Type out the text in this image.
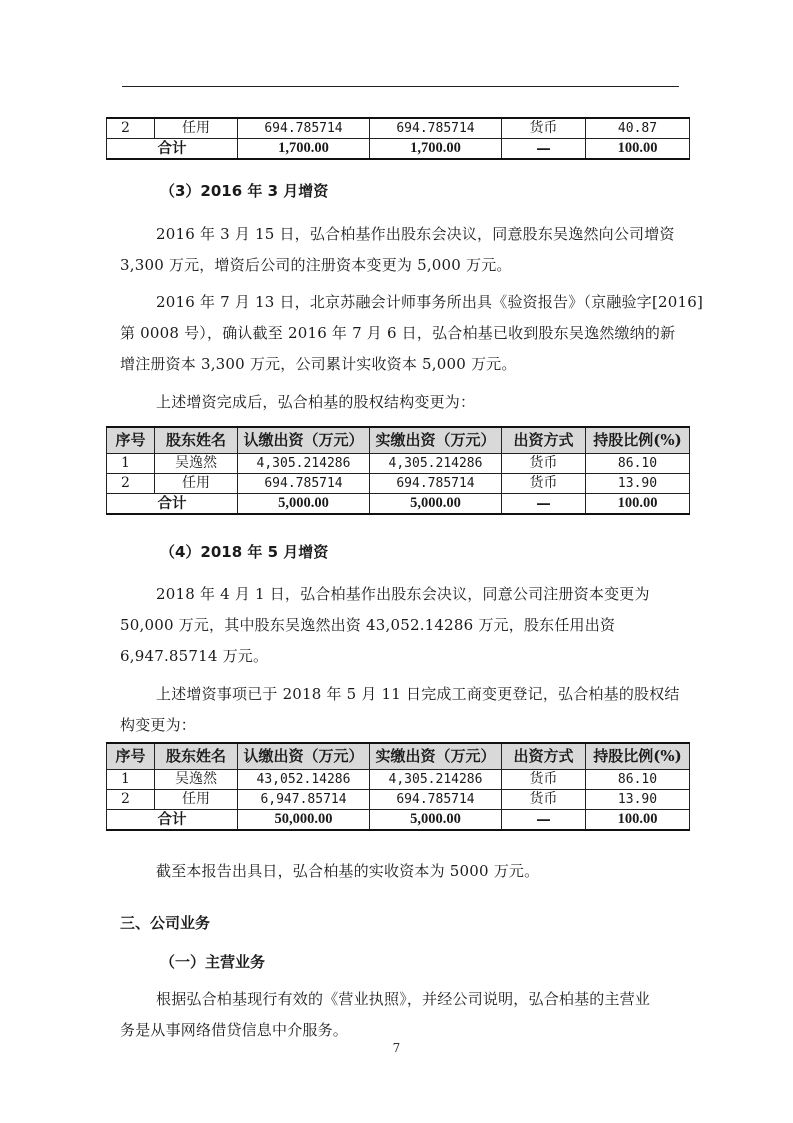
2	任用	694.785714	694.785714	货币	40.87
合计		1,700.00	1,700.00	—	100.00
（3）2016 年 3 月增资
2016 年 3 月 15 日，弘合柏基作出股东会决议，同意股东吴逸然向公司增资
3,300 万元，增资后公司的注册资本变更为 5,000 万元。
2016 年 7 月 13 日，北京苏融会计师事务所出具《验资报告》（京融验字[2016]
第 0008 号），确认截至 2016 年 7 月 6 日，弘合柏基已收到股东吴逸然缴纳的新
增注册资本 3,300 万元，公司累计实收资本 5,000 万元。
上述增资完成后，弘合柏基的股权结构变更为：
序号	股东姓名	认缴出资（万元）	实缴出资（万元）	出资方式	持股比例(%)
1	吴逸然	4,305.214286	4,305.214286	货币	86.10
2	任用	694.785714	694.785714	货币	13.90
合计		5,000.00	5,000.00	—	100.00
（4）2018 年 5 月增资
2018 年 4 月 1 日，弘合柏基作出股东会决议，同意公司注册资本变更为
50,000 万元，其中股东吴逸然出资 43,052.14286 万元，股东任用出资
6,947.85714 万元。
上述增资事项已于 2018 年 5 月 11 日完成工商变更登记，弘合柏基的股权结
构变更为：
序号	股东姓名	认缴出资（万元）	实缴出资（万元）	出资方式	持股比例(%)
1	吴逸然	43,052.14286	4,305.214286	货币	86.10
2	任用	6,947.85714	694.785714	货币	13.90
合计		50,000.00	5,000.00	—	100.00
截至本报告出具日，弘合柏基的实收资本为 5000 万元。
三、公司业务
（一）主营业务
根据弘合柏基现行有效的《营业执照》，并经公司说明，弘合柏基的主营业
务是从事网络借贷信息中介服务。
7
